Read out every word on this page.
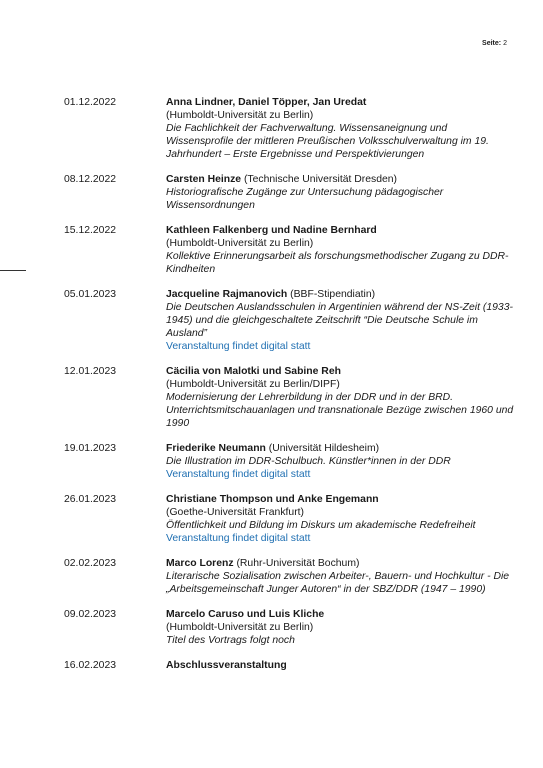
Seite: 2
01.12.2022	Anna Lindner, Daniel Töpper, Jan Uredat
(Humboldt-Universität zu Berlin)
Die Fachlichkeit der Fachverwaltung. Wissensaneignung und Wissensprofile der mittleren Preußischen Volksschulverwaltung im 19. Jahrhundert – Erste Ergebnisse und Perspektivierungen
08.12.2022	Carsten Heinze (Technische Universität Dresden)
Historiografische Zugänge zur Untersuchung pädagogischer Wissensordnungen
15.12.2022	Kathleen Falkenberg und Nadine Bernhard
(Humboldt-Universität zu Berlin)
Kollektive Erinnerungsarbeit als forschungsmethodischer Zugang zu DDR-Kindheiten
05.01.2023	Jacqueline Rajmanovich (BBF-Stipendiatin)
Die Deutschen Auslandsschulen in Argentinien während der NS-Zeit (1933-1945) und die gleichgeschaltete Zeitschrift “Die Deutsche Schule im Ausland”
Veranstaltung findet digital statt
12.01.2023	Cäcilia von Malotki und Sabine Reh
(Humboldt-Universität zu Berlin/DIPF)
Modernisierung der Lehrerbildung in der DDR und in der BRD. Unterrichtsmitschauanlagen und transnationale Bezüge zwischen 1960 und 1990
19.01.2023	Friederike Neumann (Universität Hildesheim)
Die Illustration im DDR-Schulbuch. Künstler*innen in der DDR
Veranstaltung findet digital statt
26.01.2023	Christiane Thompson und Anke Engemann
(Goethe-Universität Frankfurt)
Öffentlichkeit und Bildung im Diskurs um akademische Redefreiheit
Veranstaltung findet digital statt
02.02.2023	Marco Lorenz (Ruhr-Universität Bochum)
Literarische Sozialisation zwischen Arbeiter-, Bauern- und Hochkultur - Die „Arbeitsgemeinschaft Junger Autoren“ in der SBZ/DDR (1947 – 1990)
09.02.2023	Marcelo Caruso und Luis Kliche
(Humboldt-Universität zu Berlin)
Titel des Vortrags folgt noch
16.02.2023	Abschlussveranstaltung
